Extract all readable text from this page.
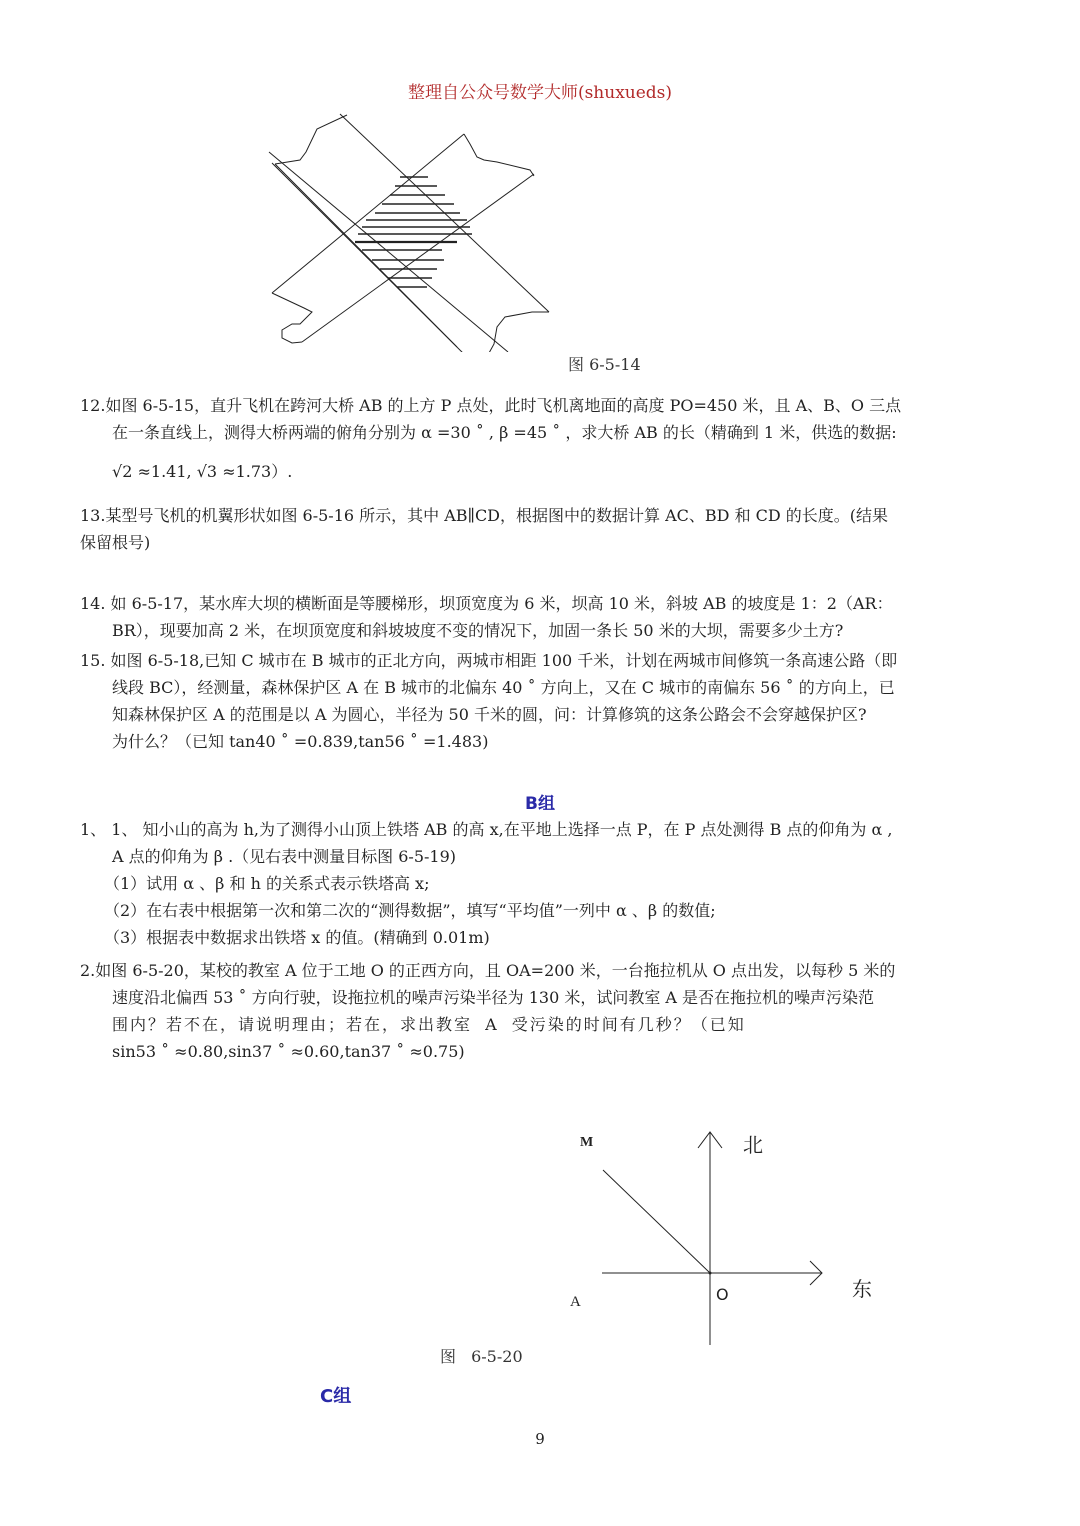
整理自公众号数学大师(shuxueds)
图 6-5-14
12.如图 6-5-15，直升飞机在跨河大桥 AB 的上方 P 点处，此时飞机离地面的高度 PO=450 米，且 A、B、O 三点
在一条直线上，测得大桥两端的俯角分别为 α =30 ˚ , β =45 ˚ ，求大桥 AB 的长（精确到 1 米，供选的数据:
√2 ≈1.41, √3 ≈1.73）.
13.某型号飞机的机翼形状如图 6-5-16 所示，其中 AB∥CD，根据图中的数据计算 AC、BD 和 CD 的长度。(结果
保留根号)
14. 如 6-5-17，某水库大坝的横断面是等腰梯形，坝顶宽度为 6 米，坝高 10 米，斜坡 AB 的坡度是 1：2（AR：
BR），现要加高 2 米，在坝顶宽度和斜坡坡度不变的情况下，加固一条长 50 米的大坝，需要多少土方?
15. 如图 6-5-18,已知 C 城市在 B 城市的正北方向，两城市相距 100 千米，计划在两城市间修筑一条高速公路（即
线段 BC），经测量，森林保护区 A 在 B 城市的北偏东 40 ˚ 方向上，又在 C 城市的南偏东 56 ˚ 的方向上，已
知森林保护区 A 的范围是以 A 为圆心，半径为 50 千米的圆，问：计算修筑的这条公路会不会穿越保护区?
为什么？（已知 tan40 ˚ =0.839,tan56 ˚ =1.483)
B组
1、 1、 知小山的高为 h,为了测得小山顶上铁塔 AB 的高 x,在平地上选择一点 P，在 P 点处测得 B 点的仰角为 α ,
A 点的仰角为 β .（见右表中测量目标图 6-5-19)
（1）试用 α 、β 和 h 的关系式表示铁塔高 x;
（2）在右表中根据第一次和第二次的“测得数据”，填写“平均值”一列中 α 、β 的数值;
（3）根据表中数据求出铁塔 x 的值。(精确到 0.01m)
2.如图 6-5-20，某校的教室 A 位于工地 O 的正西方向，且 OA=200 米，一台拖拉机从 O 点出发，以每秒 5 米的
速度沿北偏西 53 ˚ 方向行驶，设拖拉机的噪声污染半径为 130 米，试问教室 A 是否在拖拉机的噪声污染范
围内？若不在，请说明理由；若在，求出教室 A 受污染的时间有几秒？（已知
sin53 ˚ ≈0.80,sin37 ˚ ≈0.60,tan37 ˚ ≈0.75)
M	北
东
A	O
图 6-5-20
C组
9
